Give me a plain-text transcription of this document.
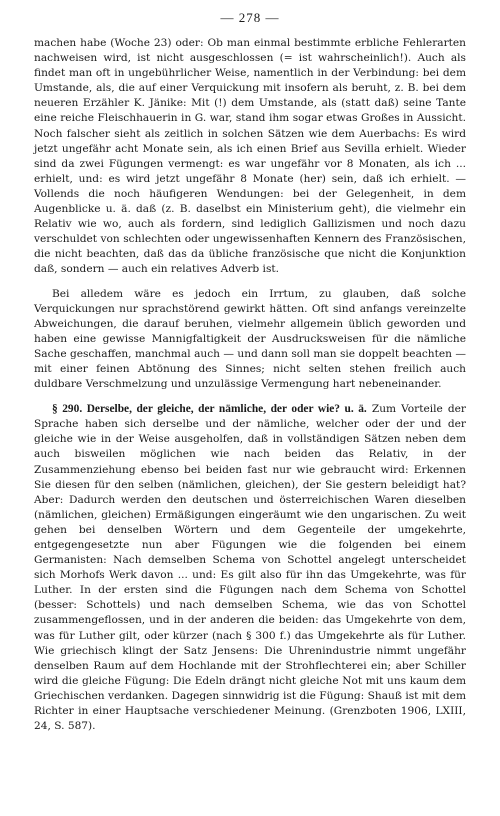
— 278 —

machen habe (Woche 23) oder: Ob man einmal bestimmte erbliche Fehlerarten nachweisen wird, ist nicht ausgeschlossen (= ist wahrscheinlich!). Auch als findet man oft in ungebührlicher Weise, namentlich in der Verbindung: bei dem Umstande, als, die auf einer Verquickung mit insofern als beruht, z. B. bei dem neueren Erzähler K. Jänike: Mit (!) dem Umstande, als (statt daß) seine Tante eine reiche Fleischhauerin in G. war, stand ihm sogar etwas Großes in Aussicht. Noch falscher sieht als zeitlich in solchen Sätzen wie dem Auerbachs: Es wird jetzt ungefähr acht Monate sein, als ich einen Brief aus Sevilla erhielt. Wieder sind da zwei Fügungen vermengt: es war ungefähr vor 8 Monaten, als ich ... erhielt, und: es wird jetzt ungefähr 8 Monate (her) sein, daß ich erhielt. — Vollends die noch häufigeren Wendungen: bei der Gelegenheit, in dem Augenblicke u. ä. daß (z. B. daselbst ein Ministerium geht), die vielmehr ein Relativ wie wo, auch als fordern, sind lediglich Gallizismen und noch dazu verschuldet von schlechten oder ungewissenhaften Kennern des Französischen, die nicht beachten, daß das da übliche französische que nicht die Konjunktion daß, sondern — auch ein relatives Adverb ist.

Bei alledem wäre es jedoch ein Irrtum, zu glauben, daß solche Verquickungen nur sprachstörend gewirkt hätten. Oft sind anfangs vereinzelte Abweichungen, die darauf beruhen, vielmehr allgemein üblich geworden und haben eine gewisse Mannigfaltigkeit der Ausdrucksweisen für die nämliche Sache geschaffen, manchmal auch — und dann soll man sie doppelt beachten — mit einer feinen Abtönung des Sinnes; nicht selten stehen freilich auch duldbare Verschmelzung und unzulässige Vermengung hart nebeneinander.

§ 290. Derselbe, der gleiche, der nämliche, der oder wie? u. ä. Zum Vorteile der Sprache haben sich derselbe und der nämliche, welcher oder der und der gleiche wie in der Weise ausgeholfen, daß in vollständigen Sätzen neben dem auch bisweilen möglichen wie nach beiden das Relativ, in der Zusammenziehung ebenso bei beiden fast nur wie gebraucht wird: Erkennen Sie diesen für den selben (nämlichen, gleichen), der Sie gestern beleidigt hat? Aber: Dadurch werden den deutschen und österreichischen Waren dieselben (nämlichen, gleichen) Ermäßigungen eingeräumt wie den ungarischen. Zu weit gehen bei denselben Wörtern und dem Gegenteile der umgekehrte, entgegengesetzte nun aber Fügungen wie die folgenden bei einem Germanisten: Nach demselben Schema von Schottel angelegt unterscheidet sich Morhofs Werk davon ... und: Es gilt also für ihn das Umgekehrte, was für Luther. In der ersten sind die Fügungen nach dem Schema von Schottel (besser: Schottels) und nach demselben Schema, wie das von Schottel zusammengeflossen, und in der anderen die beiden: das Umgekehrte von dem, was für Luther gilt, oder kürzer (nach § 300 f.) das Umgekehrte als für Luther. Wie griechisch klingt der Satz Jensens: Die Uhrenindustrie nimmt ungefähr denselben Raum auf dem Hochlande mit der Strohflechterei ein; aber Schiller wird die gleiche Fügung: Die Edeln drängt nicht gleiche Not mit uns kaum dem Griechischen verdanken. Dagegen sinnwidrig ist die Fügung: Shauß ist mit dem Richter in einer Hauptsache verschiedener Meinung. (Grenzboten 1906, LXIII, 24, S. 587).
